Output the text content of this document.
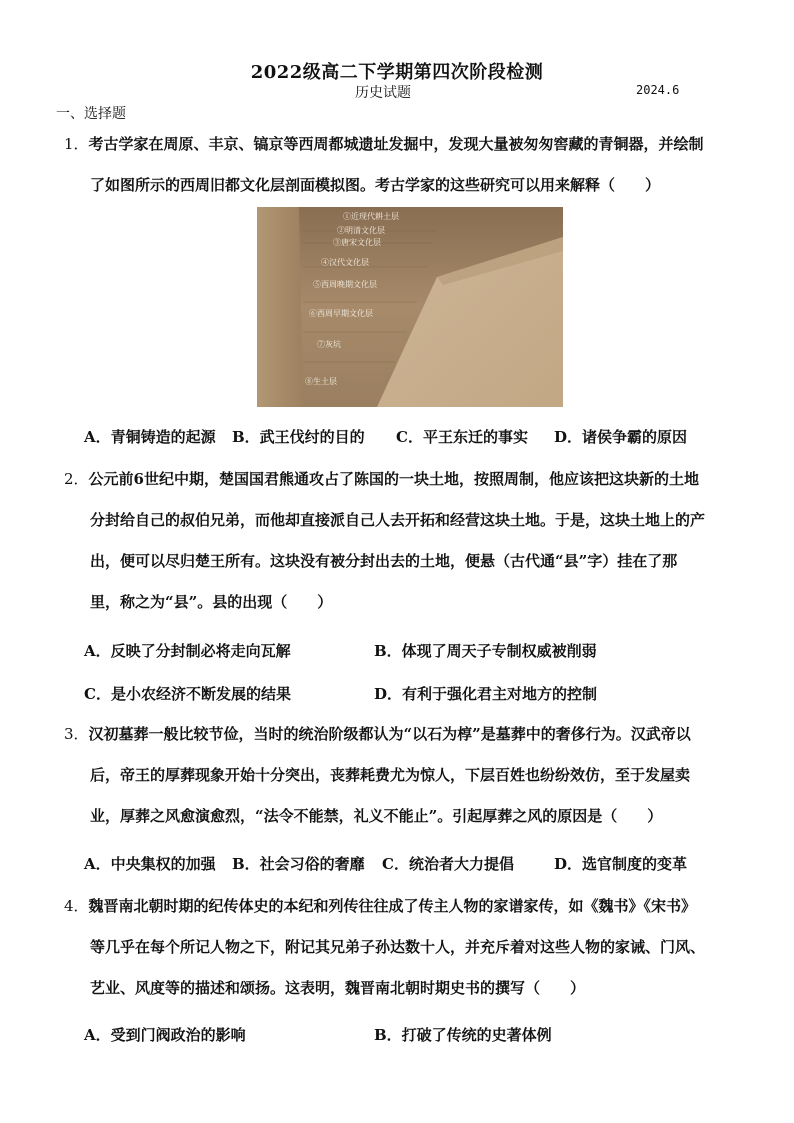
2022级高二下学期第四次阶段检测
历史试题	2024.6
一、选择题
1．考古学家在周原、丰京、镐京等西周都城遗址发掘中，发现大量被匆匆窖藏的青铜器，并绘制
了如图所示的西周旧都文化层剖面模拟图。考古学家的这些研究可以用来解释（　　）
①近现代耕土层
②明清文化层
③唐宋文化层
④汉代文化层
⑤西周晚期文化层
⑥西周早期文化层
⑦灰坑
⑧生土层
A．青铜铸造的起源 B．武王伐纣的目的 C．平王东迁的事实 D．诸侯争霸的原因
2．公元前6世纪中期，楚国国君熊通攻占了陈国的一块土地，按照周制，他应该把这块新的土地
分封给自己的叔伯兄弟，而他却直接派自己人去开拓和经营这块土地。于是，这块土地上的产
出，便可以尽归楚王所有。这块没有被分封出去的土地，便悬（古代通“县”字）挂在了那
里，称之为“县”。县的出现（　　）
A．反映了分封制必将走向瓦解	B．体现了周天子专制权威被削弱
C．是小农经济不断发展的结果	D．有利于强化君主对地方的控制
3．汉初墓葬一般比较节俭，当时的统治阶级都认为“以石为椁”是墓葬中的奢侈行为。汉武帝以
后，帝王的厚葬现象开始十分突出，丧葬耗费尤为惊人，下层百姓也纷纷效仿，至于发屋卖
业，厚葬之风愈演愈烈，“法令不能禁，礼义不能止”。引起厚葬之风的原因是（　　）
A．中央集权的加强 B．社会习俗的奢靡 C．统治者大力提倡	D．选官制度的变革
4．魏晋南北朝时期的纪传体史的本纪和列传往往成了传主人物的家谱家传，如《魏书》《宋书》
等几乎在每个所记人物之下，附记其兄弟子孙达数十人，并充斥着对这些人物的家诫、门风、
艺业、风度等的描述和颂扬。这表明，魏晋南北朝时期史书的撰写（　　）
A．受到门阀政治的影响	B．打破了传统的史著体例
